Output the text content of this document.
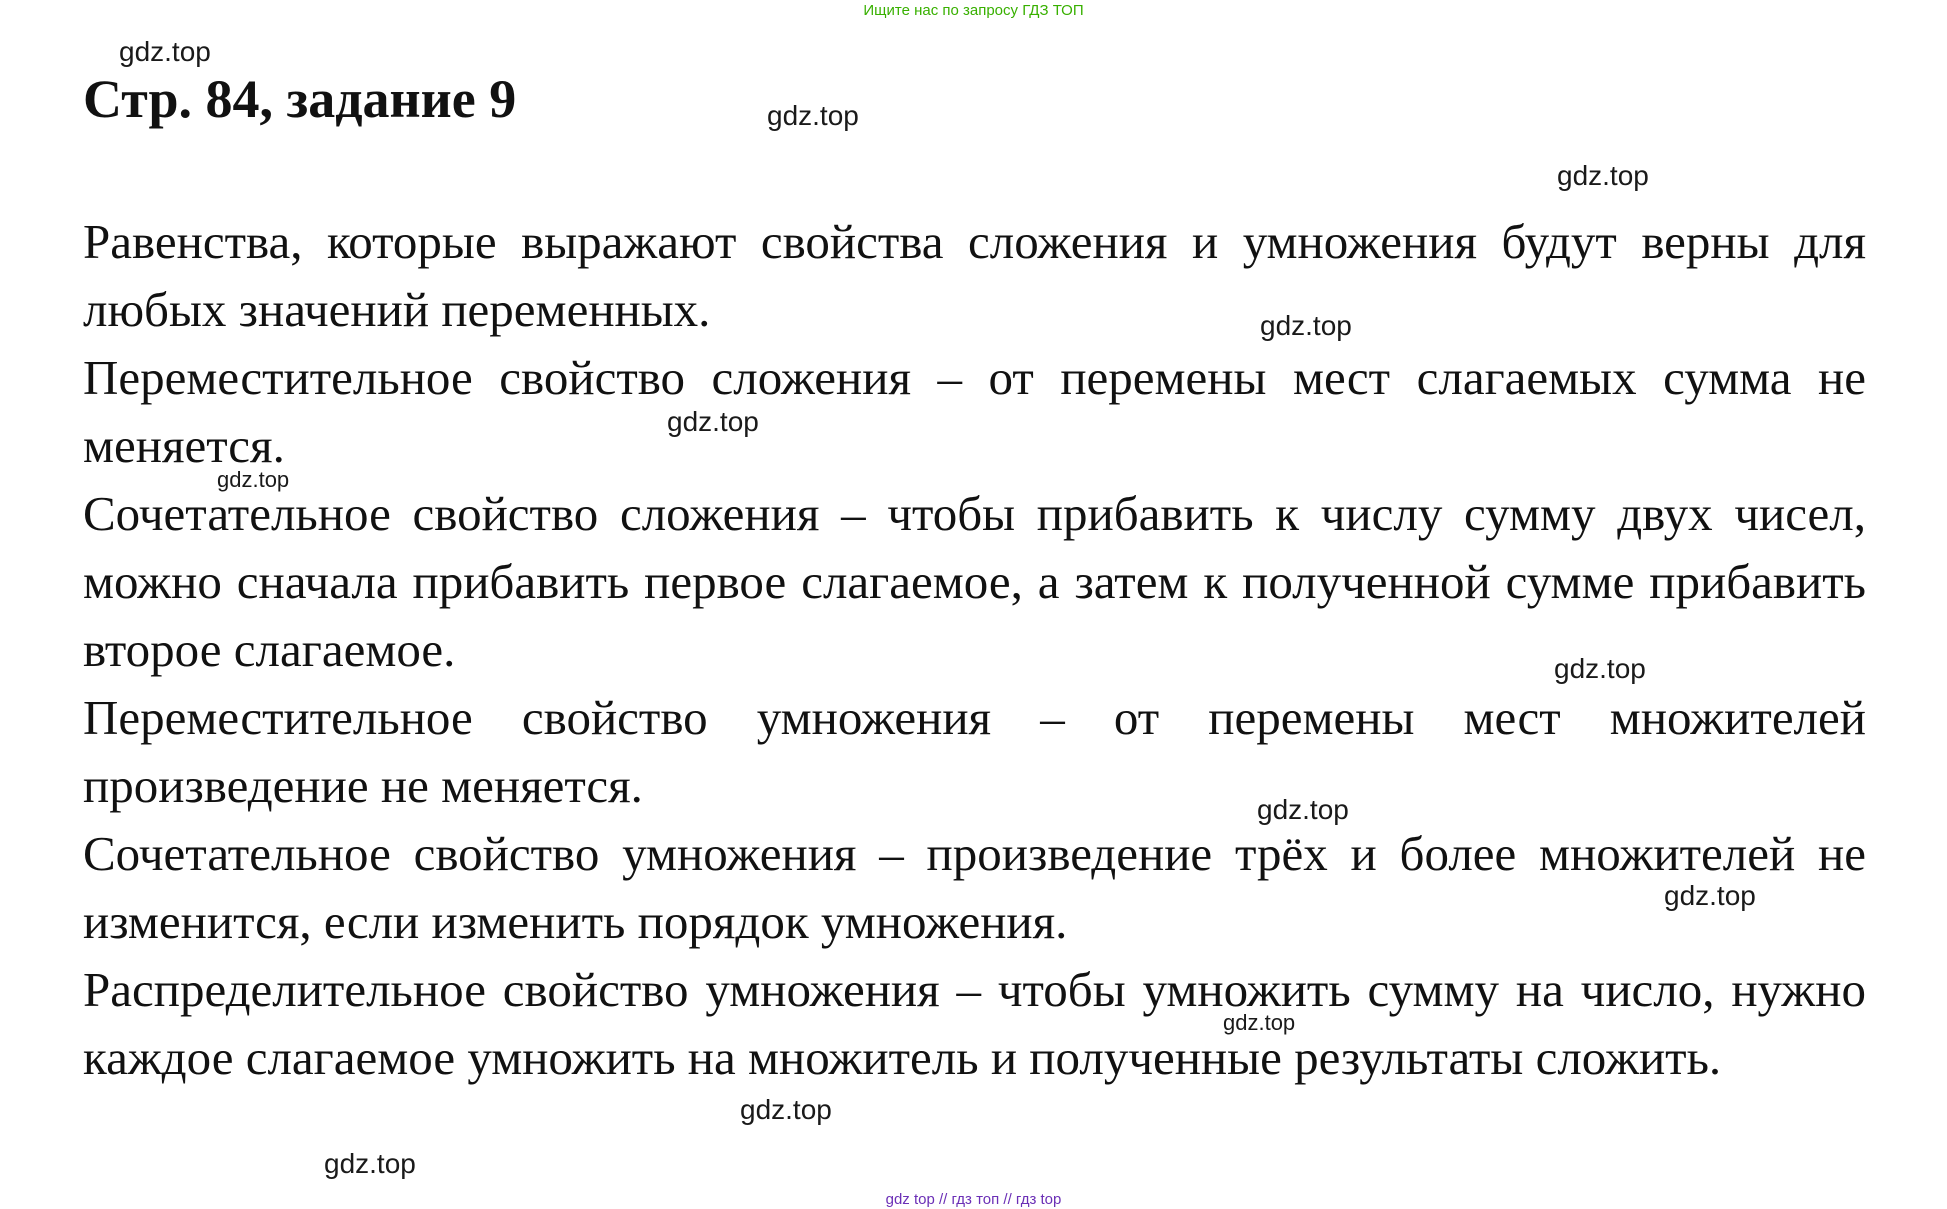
Ищите нас по запросу ГДЗ ТОП
Стр. 84, задание 9

Равенства, которые выражают свойства сложения и умножения будут верны для любых значений переменных.

Переместительное свойство сложения – от перемены мест слагаемых сумма не меняется.

Сочетательное свойство сложения – чтобы прибавить к числу сумму двух чисел, можно сначала прибавить первое слагаемое, а затем к полученной сумме прибавить второе слагаемое.

Переместительное свойство умножения – от перемены мест множителей произведение не меняется.

Сочетательное свойство умножения – произведение трёх и более множителей не изменится, если изменить порядок умножения.

Распределительное свойство умножения – чтобы умножить сумму на число, нужно каждое слагаемое умножить на множитель и полученные результаты сложить.

gdz.top
gdz.top
gdz.top
gdz.top
gdz.top
gdz.top
gdz.top
gdz.top
gdz.top
gdz.top
gdz.top
gdz.top
gdz top // гдз топ // гдз top
